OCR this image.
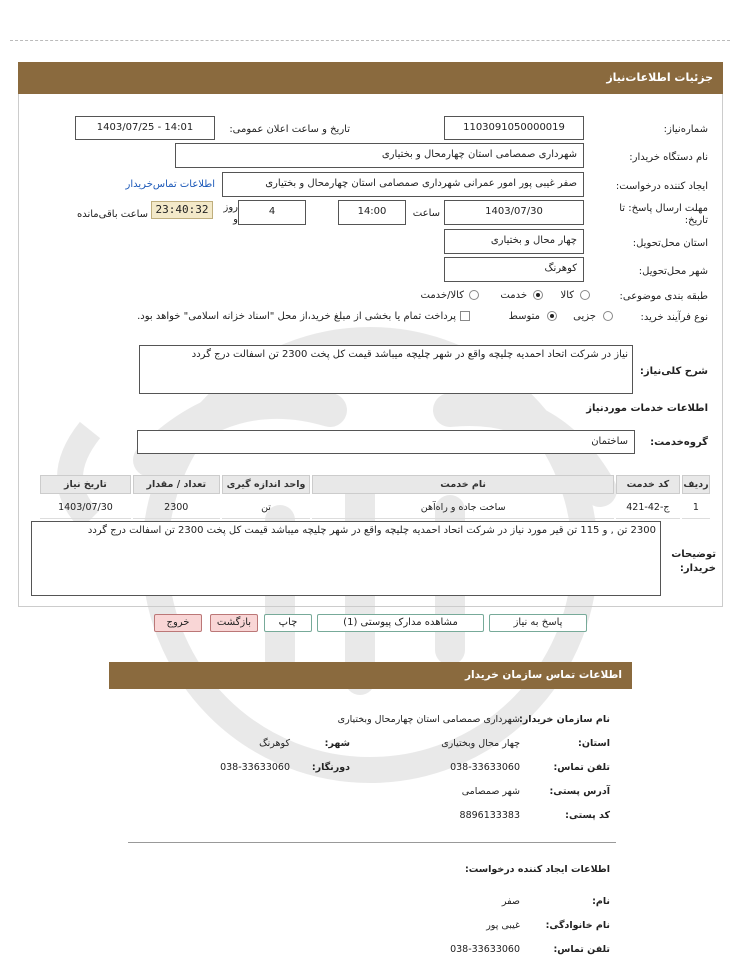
جزئیات اطلاعات‌نیاز
شماره‌نیاز:
1103091050000019
تاریخ و ساعت اعلان عمومی:
1403/07/25 - 14:01
نام دستگاه خریدار:
شهرداری صمصامی استان چهارمحال و بختیاری
ایجاد کننده درخواست:
صفر غیبی پور امور عمرانی شهرداری صمصامی استان چهارمحال و بختیاری
اطلاعات تماس‌خریدار
مهلت ارسال پاسخ: تا تاریخ:
1403/07/30
ساعت
14:00
4
روز و
23:40:32
ساعت باقی‌مانده
استان محل‌تحویل:
چهار محال و بختیاری
شهر محل‌تحویل:
کوهرنگ
طبقه بندی موضوعی:
کالا
خدمت
کالا/خدمت
نوع فرآیند خرید:
جزیی
متوسط
پرداخت تمام یا بخشی از مبلغ خرید،از محل "اسناد خزانه اسلامی" خواهد بود.
شرح کلی‌نیاز:
نیاز در شرکت اتحاد احمدیه چلیچه واقع در شهر چلیچه میباشد قیمت کل پخت 2300 تن اسفالت درج گردد
اطلاعات خدمات موردنیاز
گروه‌خدمت:
ساختمان
ردیف	کد خدمت	نام خدمت	واحد اندازه گیری	تعداد / مقدار	تاریخ نیاز
1	ج-42-421	ساخت جاده و راه‌آهن	تن	2300	1403/07/30
2300 تن , و 115 تن قیر مورد نیاز در شرکت اتحاد احمدیه چلیچه واقع در شهر چلیچه میباشد قیمت کل پخت 2300 تن اسفالت درج گردد
توضیحات خریدار:
پاسخ به نیاز
مشاهده مدارک پیوستی (1)
چاپ
بازگشت
خروج
اطلاعات تماس سازمان خریدار
نام سازمان خریدار:
شهرداری صمصامی استان چهارمحال وبختیاری
استان:
چهار محال وبختیاری
شهر:
کوهرنگ
تلفن تماس:
038-33633060
دورنگار:
038-33633060
آدرس پستی:
شهر صمصامی
کد پستی:
8896133383
اطلاعات ایجاد کننده درخواست:
نام:
صفر
نام خانوادگی:
غیبی پور
تلفن تماس:
038-33633060
